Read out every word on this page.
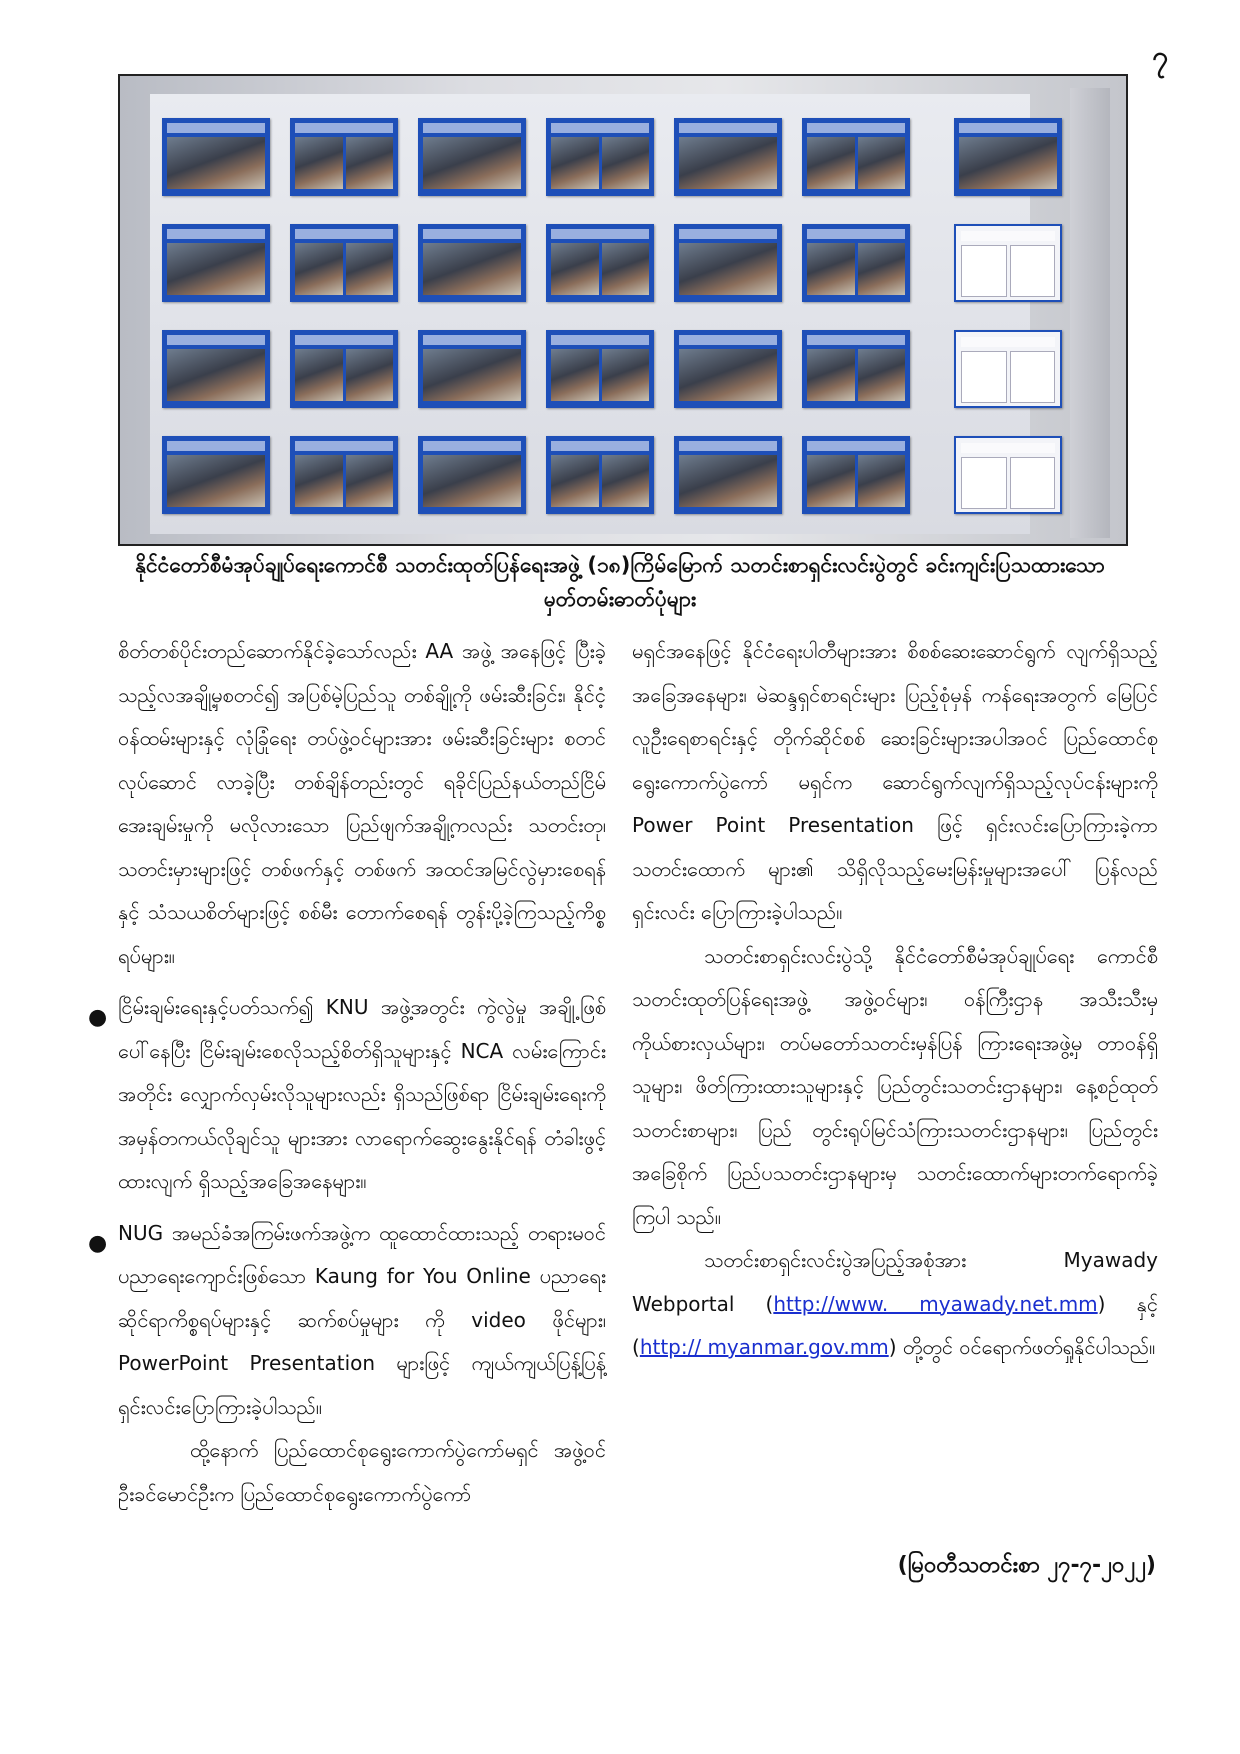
၇
နိုင်ငံတော်စီမံအုပ်ချုပ်ရေးကောင်စီ သတင်းထုတ်ပြန်ရေးအဖွဲ့ (၁၈)ကြိမ်မြောက် သတင်းစာရှင်းလင်းပွဲတွင် ခင်းကျင်းပြသထားသော
မှတ်တမ်းဓာတ်ပုံများ

စိတ်တစ်ပိုင်းတည်ဆောက်နိုင်ခဲ့သော်လည်း AA အဖွဲ့ အနေဖြင့် ပြီးခဲ့သည့်လအချို့မှစတင်၍ အပြစ်မဲ့ပြည်သူ တစ်ချို့ကို ဖမ်းဆီးခြင်း၊ နိုင်ငံ့ဝန်ထမ်းများနှင့် လုံခြုံရေး တပ်ဖွဲ့ဝင်များအား ဖမ်းဆီးခြင်းများ စတင်လုပ်ဆောင် လာခဲ့ပြီး တစ်ချိန်တည်းတွင် ရခိုင်ပြည်နယ်တည်ငြိမ် အေးချမ်းမှုကို မလိုလားသော ပြည်ဖျက်အချို့ကလည်း သတင်းတု၊ သတင်းမှားများဖြင့် တစ်ဖက်နှင့် တစ်ဖက် အထင်အမြင်လွဲမှားစေရန်နှင့် သံသယစိတ်များဖြင့် စစ်မီး တောက်စေရန် တွန်းပို့ခဲ့ကြသည့်ကိစ္စရပ်များ။

● ငြိမ်းချမ်းရေးနှင့်ပတ်သက်၍ KNU အဖွဲ့အတွင်း ကွဲလွဲမှု အချို့ဖြစ်ပေါ်နေပြီး ငြိမ်းချမ်းစေလိုသည့်စိတ်ရှိသူများနှင့် NCA လမ်းကြောင်းအတိုင်း လျှောက်လှမ်းလိုသူများလည်း ရှိသည်ဖြစ်ရာ ငြိမ်းချမ်းရေးကို အမှန်တကယ်လိုချင်သူ များအား လာရောက်ဆွေးနွေးနိုင်ရန် တံခါးဖွင့်ထားလျက် ရှိသည့်အခြေအနေများ။

● NUG အမည်ခံအကြမ်းဖက်အဖွဲ့က ထူထောင်ထားသည့် တရားမဝင်ပညာရေးကျောင်းဖြစ်သော Kaung for You Online ပညာရေးဆိုင်ရာကိစ္စရပ်များနှင့် ဆက်စပ်မှုများ ကို video ဖိုင်များ၊ PowerPoint Presentation များဖြင့် ကျယ်ကျယ်ပြန့်ပြန့်ရှင်းလင်းပြောကြားခဲ့ပါသည်။

ထို့နောက် ပြည်ထောင်စုရွေးကောက်ပွဲကော်မရှင် အဖွဲ့ဝင် ဦးခင်မောင်ဦးက ပြည်ထောင်စုရွေးကောက်ပွဲကော်

မရှင်အနေဖြင့် နိုင်ငံရေးပါတီများအား စိစစ်ဆေးဆောင်ရွက် လျက်ရှိသည့်အခြေအနေများ၊ မဲဆန္ဒရှင်စာရင်းများ ပြည့်စုံမှန် ကန်ရေးအတွက် မြေပြင်လူဦးရေစာရင်းနှင့် တိုက်ဆိုင်စစ် ဆေးခြင်းများအပါအဝင် ပြည်ထောင်စုရွေးကောက်ပွဲကော် မရှင်က ဆောင်ရွက်လျက်ရှိသည့်လုပ်ငန်းများကို Power Point Presentation ဖြင့် ရှင်းလင်းပြောကြားခဲ့ကာ သတင်းထောက် များ၏ သိရှိလိုသည့်မေးမြန်းမှုများအပေါ် ပြန်လည်ရှင်းလင်း ပြောကြားခဲ့ပါသည်။

သတင်းစာရှင်းလင်းပွဲသို့ နိုင်ငံတော်စီမံအုပ်ချုပ်ရေး ကောင်စီ သတင်းထုတ်ပြန်ရေးအဖွဲ့ အဖွဲ့ဝင်များ၊ ဝန်ကြီးဌာန အသီးသီးမှ ကိုယ်စားလှယ်များ၊ တပ်မတော်သတင်းမှန်ပြန် ကြားရေးအဖွဲ့မှ တာဝန်ရှိသူများ၊ ဖိတ်ကြားထားသူများနှင့် ပြည်တွင်းသတင်းဌာနများ၊ နေ့စဉ်ထုတ်သတင်းစာများ၊ ပြည် တွင်းရုပ်မြင်သံကြားသတင်းဌာနများ၊ ပြည်တွင်းအခြေစိုက် ပြည်ပသတင်းဌာနများမှ သတင်းထောက်များတက်ရောက်ခဲ့ ကြပါ သည်။

သတင်းစာရှင်းလင်းပွဲအပြည့်အစုံအား Myawady Webportal (http://www. myawady.net.mm) နှင့် (http:// myanmar.gov.mm) တို့တွင် ဝင်ရောက်ဖတ်ရှုနိုင်ပါသည်။

(မြဝတီသတင်းစာ ၂၇-၇-၂၀၂၂)
